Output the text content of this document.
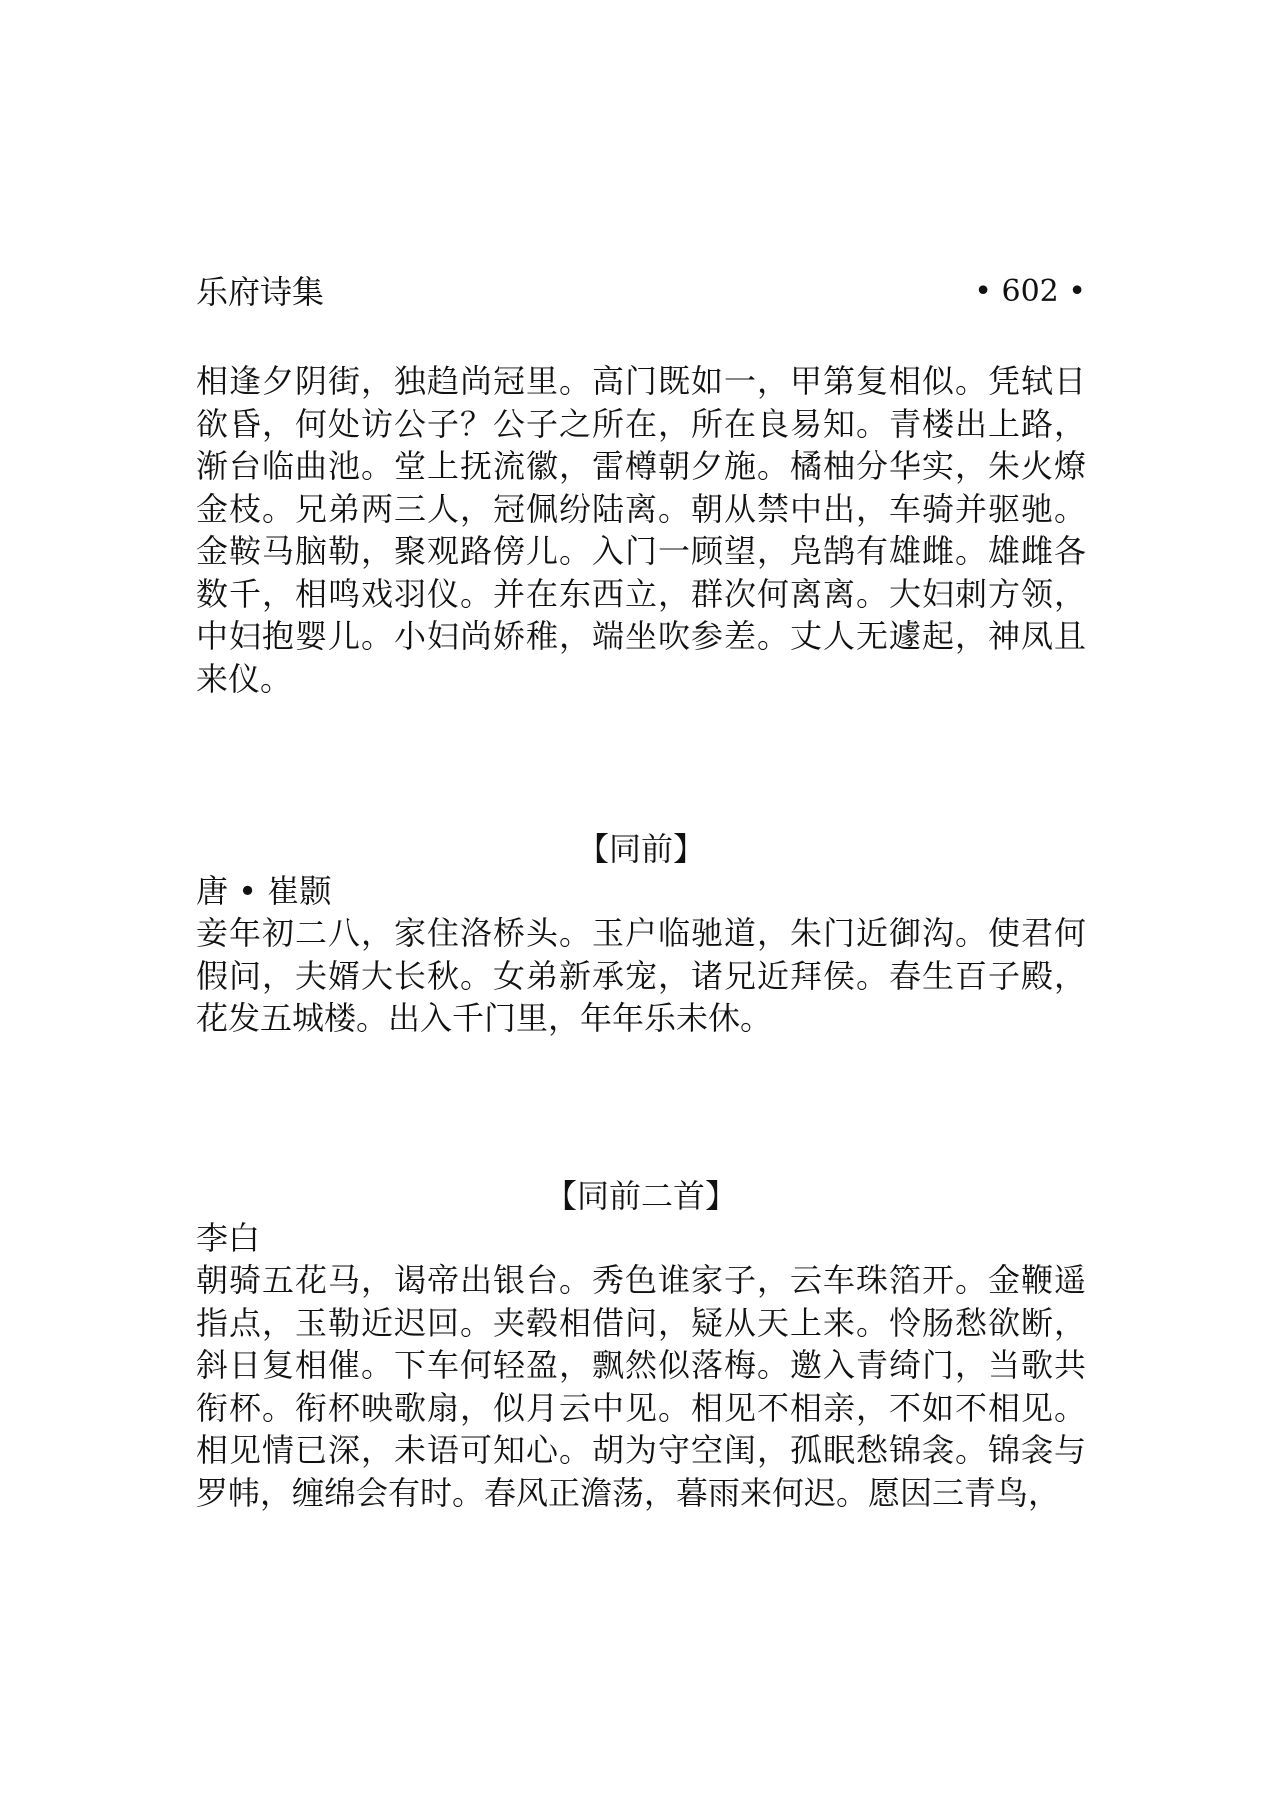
乐府诗集	• 602 •

相逢夕阴街，独趋尚冠里。高门既如一，甲第复相似。凭轼日欲昏，何处访公子？公子之所在，所在良易知。青楼出上路，渐台临曲池。堂上抚流徽，雷樽朝夕施。橘柚分华实，朱火燎金枝。兄弟两三人，冠佩纷陆离。朝从禁中出，车骑并驱驰。金鞍马脑勒，聚观路傍儿。入门一顾望，凫鹄有雄雌。雄雌各数千，相鸣戏羽仪。并在东西立，群次何离离。大妇刺方领，中妇抱婴儿。小妇尚娇稚，端坐吹参差。丈人无遽起，神凤且来仪。

【同前】

唐 • 崔颢

妾年初二八，家住洛桥头。玉户临驰道，朱门近御沟。使君何假问，夫婿大长秋。女弟新承宠，诸兄近拜侯。春生百子殿，花发五城楼。出入千门里，年年乐未休。

【同前二首】

李白

朝骑五花马，谒帝出银台。秀色谁家子，云车珠箔开。金鞭遥指点，玉勒近迟回。夹毂相借问，疑从天上来。怜肠愁欲断，斜日复相催。下车何轻盈，飘然似落梅。邀入青绮门，当歌共衔杯。衔杯映歌扇，似月云中见。相见不相亲，不如不相见。相见情已深，未语可知心。胡为守空闺，孤眠愁锦衾。锦衾与罗帏，缠绵会有时。春风正澹荡，暮雨来何迟。愿因三青鸟，
